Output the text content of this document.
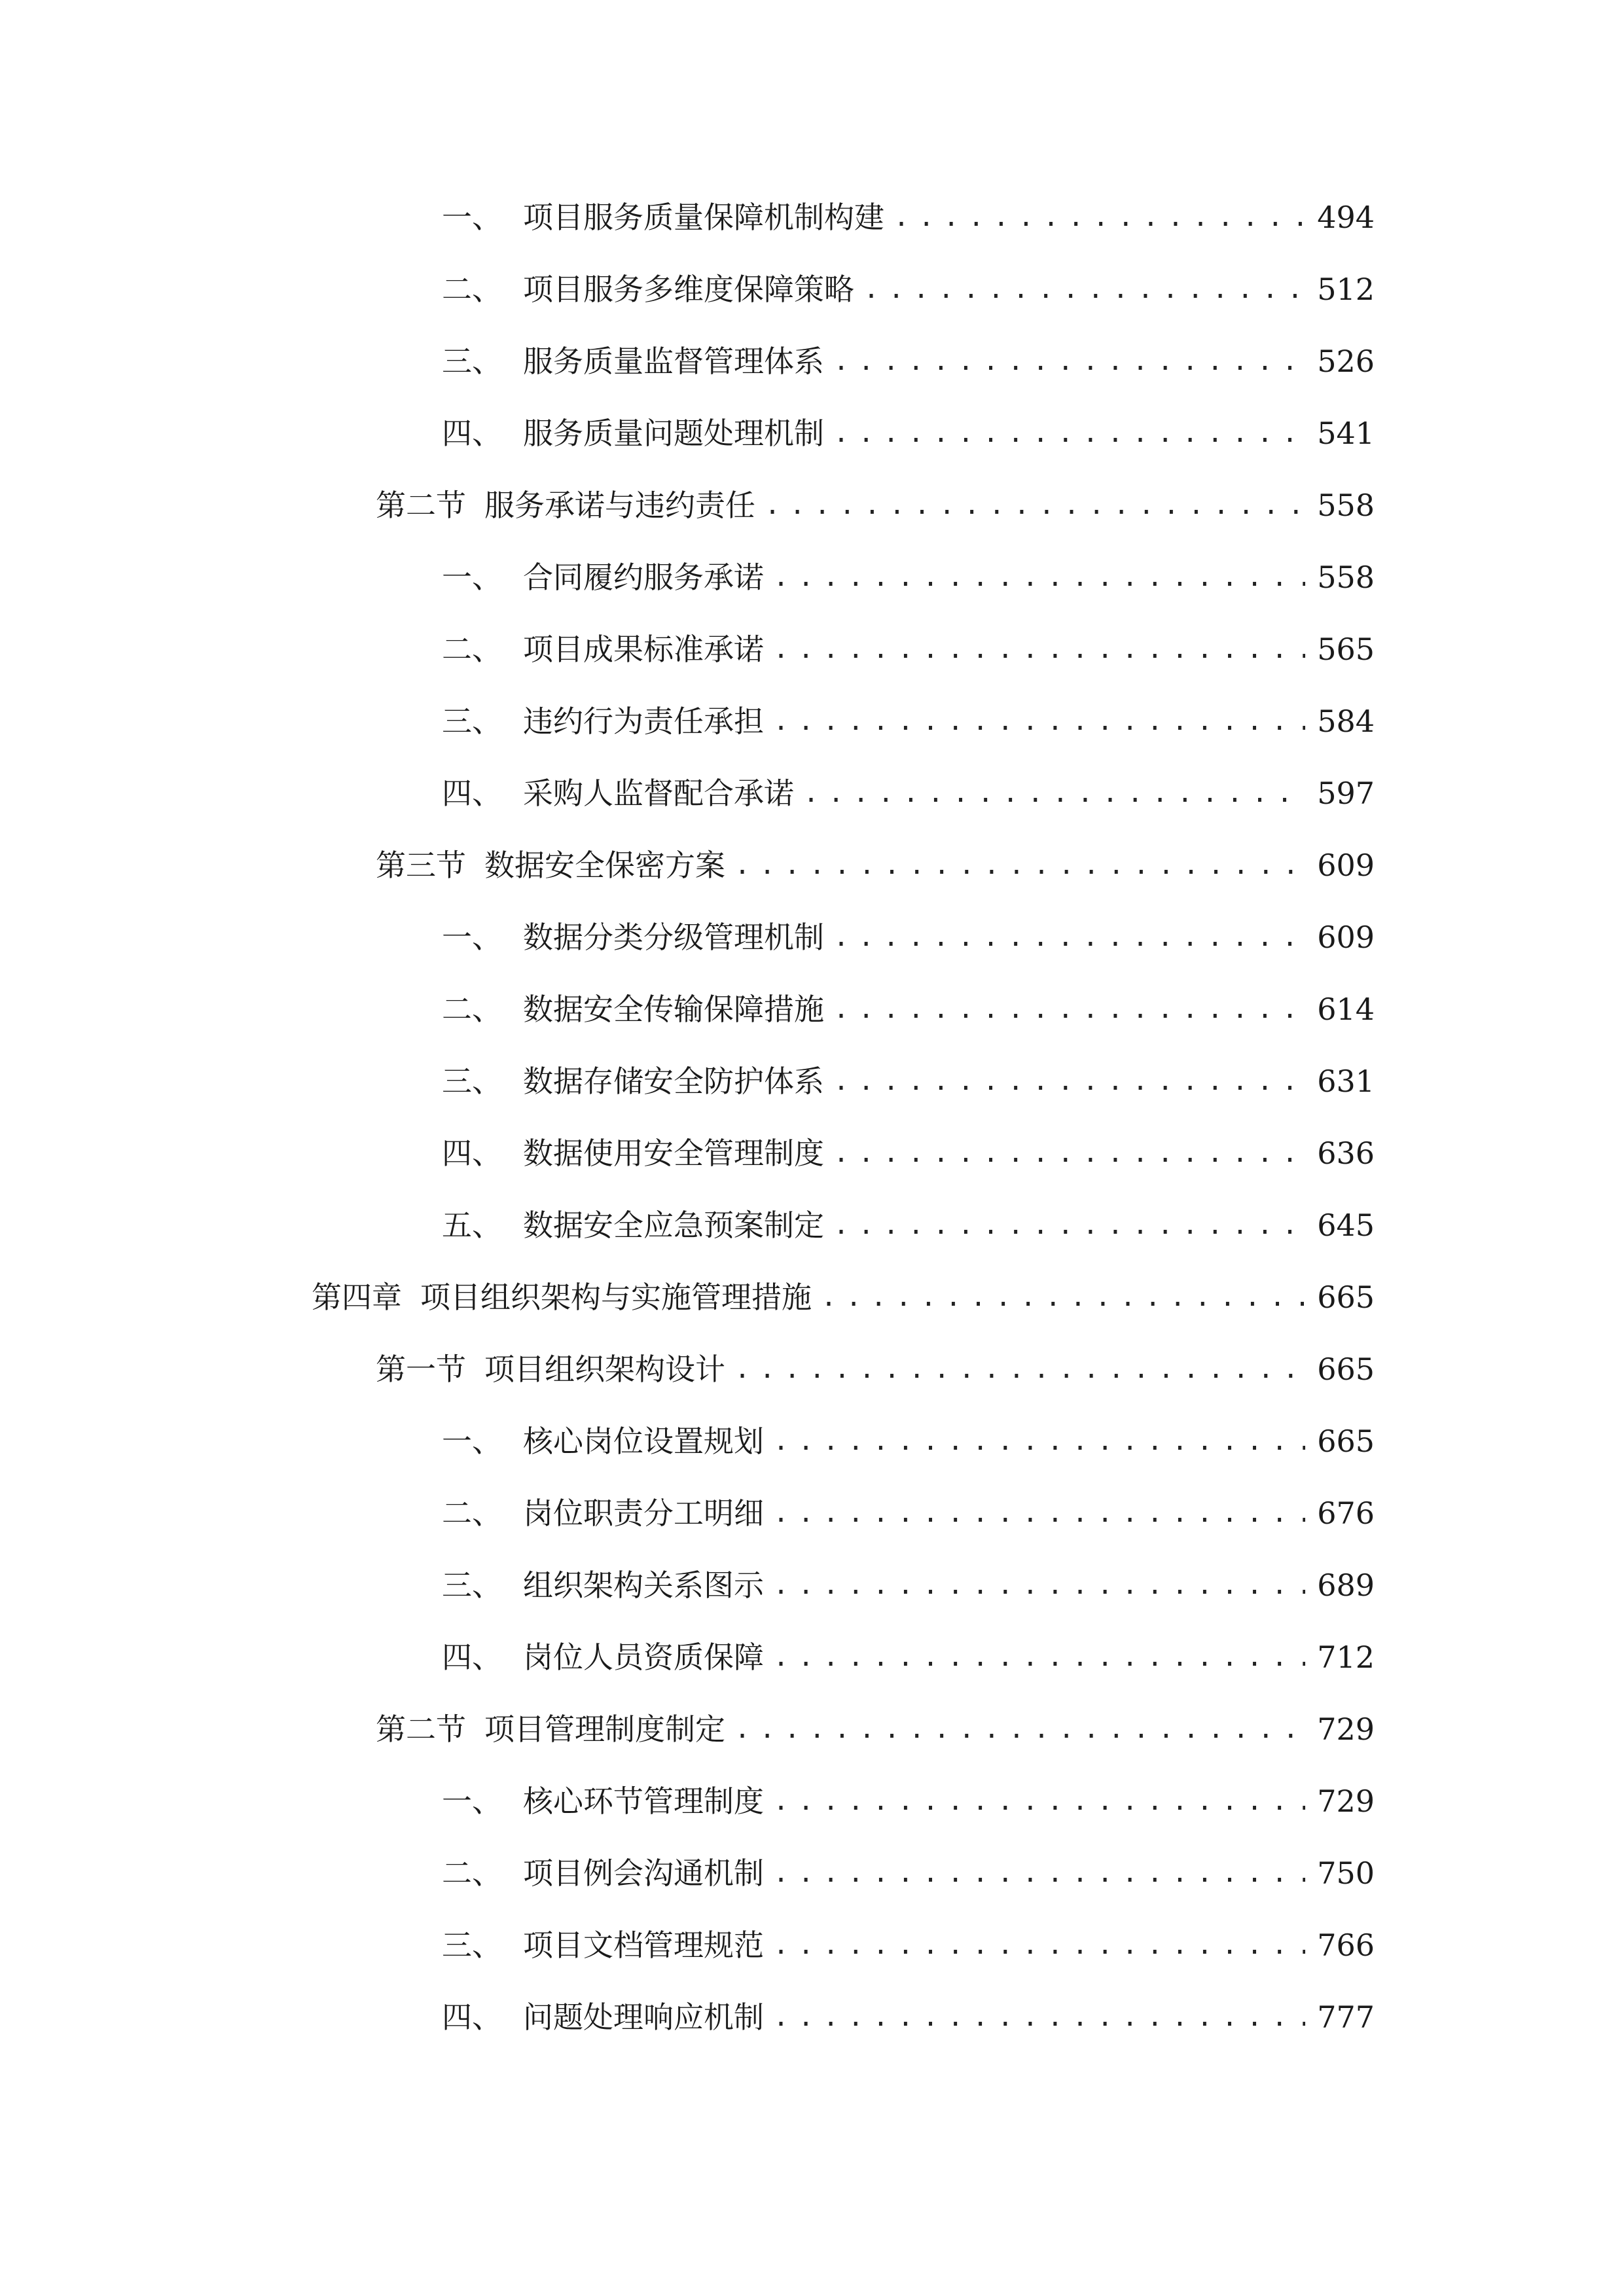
一、 项目服务质量保障机制构建 .....	494
二、 项目服务多维度保障策略 .....	512
三、 服务质量监督管理体系 .....	526
四、 服务质量问题处理机制 .....	541
第二节 服务承诺与违约责任 .....	558
一、 合同履约服务承诺 .....	558
二、 项目成果标准承诺 .....	565
三、 违约行为责任承担 .....	584
四、 采购人监督配合承诺 .....	597
第三节 数据安全保密方案 .....	609
一、 数据分类分级管理机制 .....	609
二、 数据安全传输保障措施 .....	614
三、 数据存储安全防护体系 .....	631
四、 数据使用安全管理制度 .....	636
五、 数据安全应急预案制定 .....	645
第四章 项目组织架构与实施管理措施 .....	665
第一节 项目组织架构设计 .....	665
一、 核心岗位设置规划 .....	665
二、 岗位职责分工明细 .....	676
三、 组织架构关系图示 .....	689
四、 岗位人员资质保障 .....	712
第二节 项目管理制度制定 .....	729
一、 核心环节管理制度 .....	729
二、 项目例会沟通机制 .....	750
三、 项目文档管理规范 .....	766
四、 问题处理响应机制 .....	777
